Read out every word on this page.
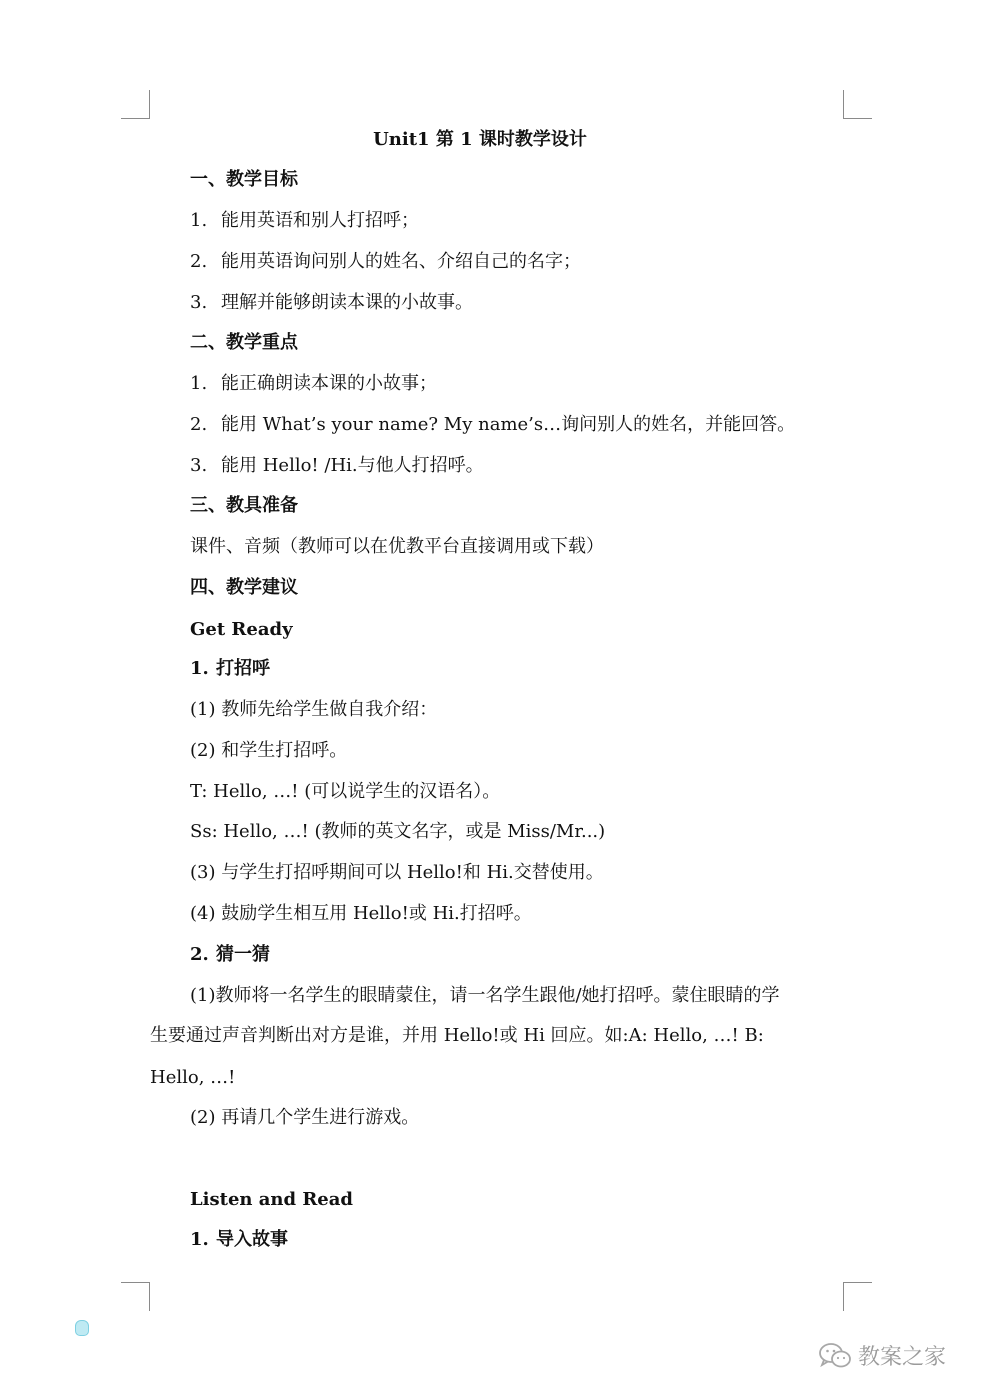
Unit1 第 1 课时教学设计
一、教学目标
1. 能用英语和别人打招呼；
2. 能用英语询问别人的姓名、介绍自己的名字；
3. 理解并能够朗读本课的小故事。
二、教学重点
1. 能正确朗读本课的小故事；
2. 能用 What’s your name? My name’s…询问别人的姓名，并能回答。
3. 能用 Hello! /Hi.与他人打招呼。
三、教具准备
课件、音频（教师可以在优教平台直接调用或下载）
四、教学建议
Get Ready
1. 打招呼
(1) 教师先给学生做自我介绍：
(2) 和学生打招呼。
T: Hello, …! (可以说学生的汉语名）。
Ss: Hello, …! (教师的英文名字，或是 Miss/Mr...)
(3) 与学生打招呼期间可以 Hello!和 Hi.交替使用。
(4) 鼓励学生相互用 Hello!或 Hi.打招呼。
2. 猜一猜
(1)教师将一名学生的眼睛蒙住，请一名学生跟他/她打招呼。蒙住眼睛的学
生要通过声音判断出对方是谁，并用 Hello!或 Hi 回应。如:A: Hello, …! B:
Hello, …!
(2) 再请几个学生进行游戏。
Listen and Read
1. 导入故事
教案之家
